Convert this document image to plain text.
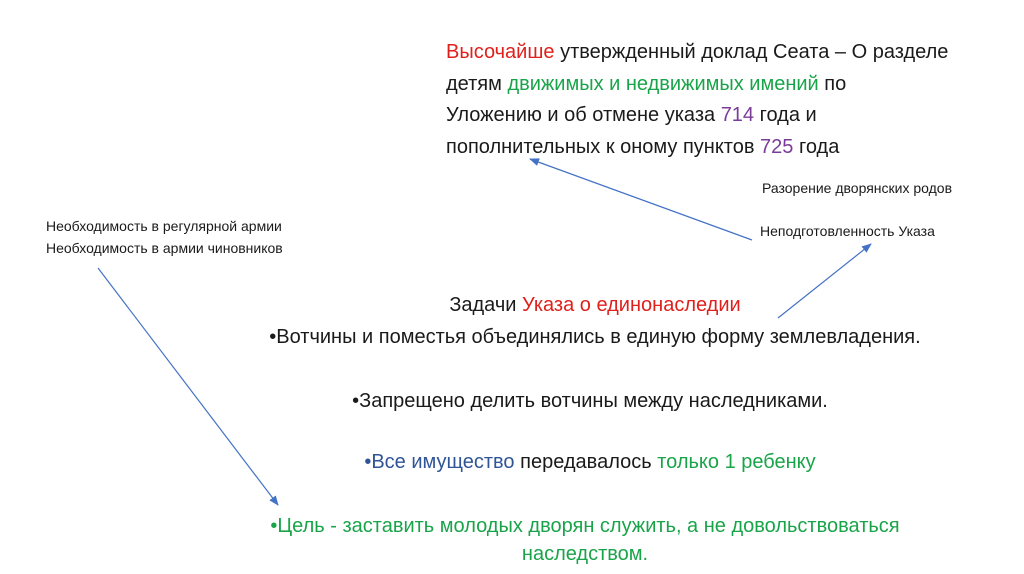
Высочайше утвержденный доклад Сеата – О разделе
детям движимых и недвижимых имений по
Уложению и об отмене указа 714 года и
пополнительных к оному пунктов 725 года
Разорение дворянских родов
Неподготовленность Указа
Необходимость в регулярной армии
Необходимость в армии чиновников
Задачи Указа о единонаследии
•Вотчины и поместья объединялись в единую форму землевладения.
•Запрещено делить вотчины между наследниками.
•Все имущество передавалось только 1 ребенку
•Цель - заставить молодых дворян служить, а не довольствоваться
наследством.
